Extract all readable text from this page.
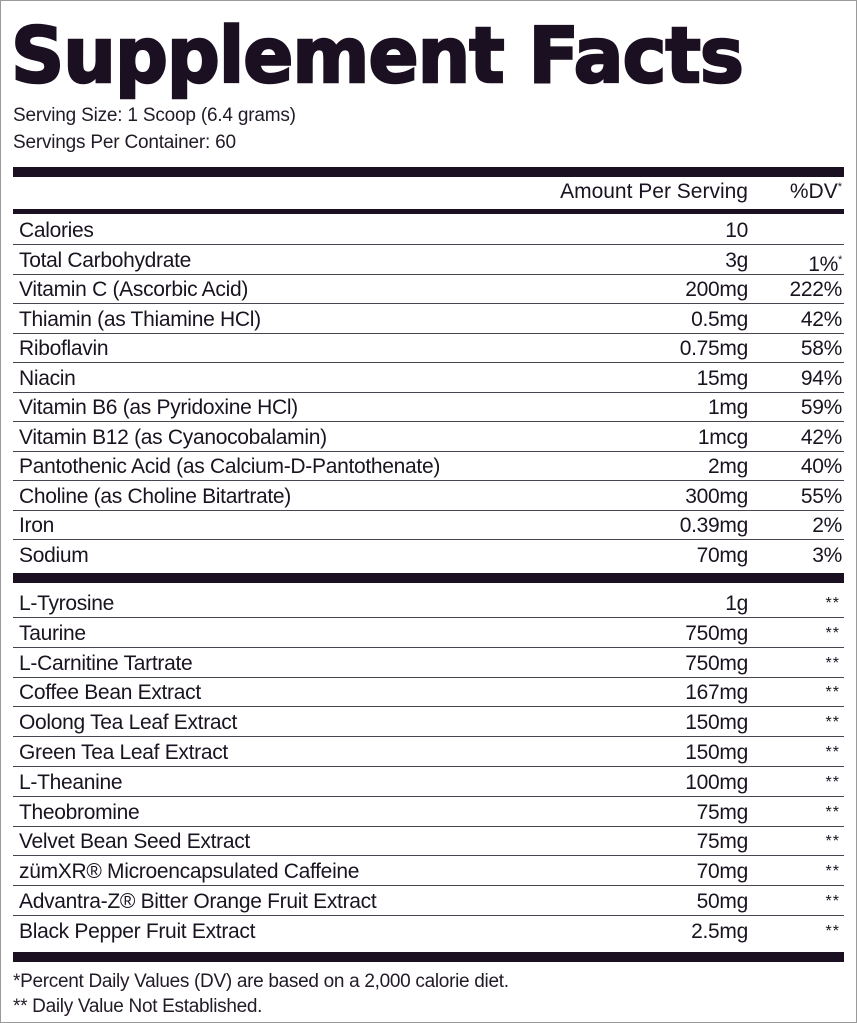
Supplement Facts
Serving Size: 1 Scoop (6.4 grams)
Servings Per Container: 60
Amount Per Serving %DV*
Calories	10
Total Carbohydrate	3g	1%*
Vitamin C (Ascorbic Acid)	200mg 222%
Thiamin (as Thiamine HCl)	0.5mg	42%
Riboflavin	0.75mg	58%
Niacin	15mg	94%
Vitamin B6 (as Pyridoxine HCl)	1mg	59%
Vitamin B12 (as Cyanocobalamin)	1mcg	42%
Pantothenic Acid (as Calcium-D-Pantothenate)	2mg	40%
Choline (as Choline Bitartrate)	300mg	55%
Iron	0.39mg	2%
Sodium	70mg	3%
L-Tyrosine	1g	**
Taurine	750mg	**
L-Carnitine Tartrate	750mg	**
Coffee Bean Extract	167mg	**
Oolong Tea Leaf Extract	150mg	**
Green Tea Leaf Extract	150mg	**
L-Theanine	100mg	**
Theobromine	75mg	**
Velvet Bean Seed Extract	75mg	**
zümXR® Microencapsulated Caffeine	70mg	**
Advantra-Z® Bitter Orange Fruit Extract	50mg	**
Black Pepper Fruit Extract	2.5mg	**
*Percent Daily Values (DV) are based on a 2,000 calorie diet.
** Daily Value Not Established.
